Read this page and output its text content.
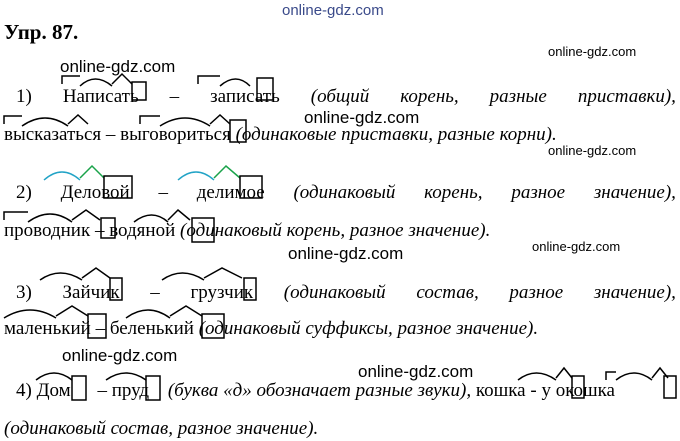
online-gdz.com
Упр. 87.
online-gdz.com
online-gdz.com
1) Написать – записать (общий корень, разные приставки),
online-gdz.com
высказаться – выговориться (одинаковые приставки, разные корни).
online-gdz.com
2) Деловой – делимое (одинаковый корень, разное значение),
проводник – водяной (одинаковый корень, разное значение).
online-gdz.com
online-gdz.com
3) Зайчик – грузчик (одинаковый состав, разное значение),
маленький – беленький (одинаковый суффиксы, разное значение).
online-gdz.com
online-gdz.com
4) Дом – пруд (буква «д» обозначает разные звуки), кошка - у окошка
(одинаковый состав, разное значение).
